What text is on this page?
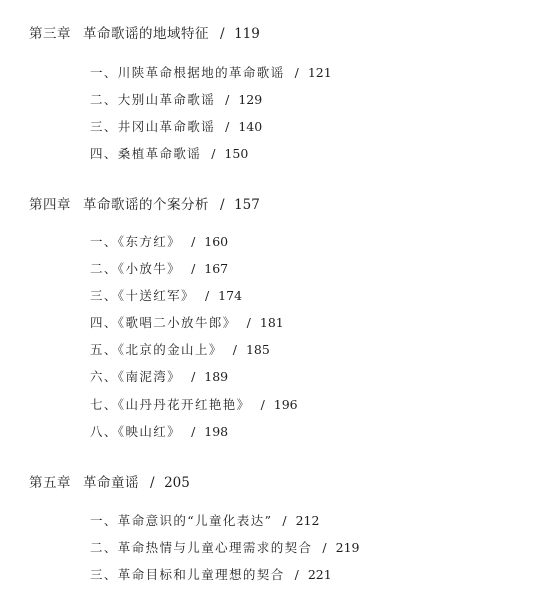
第三章 革命歌谣的地域特征 / 119
一、川陕革命根据地的革命歌谣 / 121
二、大别山革命歌谣 / 129
三、井冈山革命歌谣 / 140
四、桑植革命歌谣 / 150
第四章 革命歌谣的个案分析 / 157
一、《东方红》 / 160
二、《小放牛》 / 167
三、《十送红军》 / 174
四、《歌唱二小放牛郎》 / 181
五、《北京的金山上》 / 185
六、《南泥湾》 / 189
七、《山丹丹花开红艳艳》 / 196
八、《映山红》 / 198
第五章 革命童谣 / 205
一、革命意识的“儿童化表达” / 212
二、革命热情与儿童心理需求的契合 / 219
三、革命目标和儿童理想的契合 / 221
